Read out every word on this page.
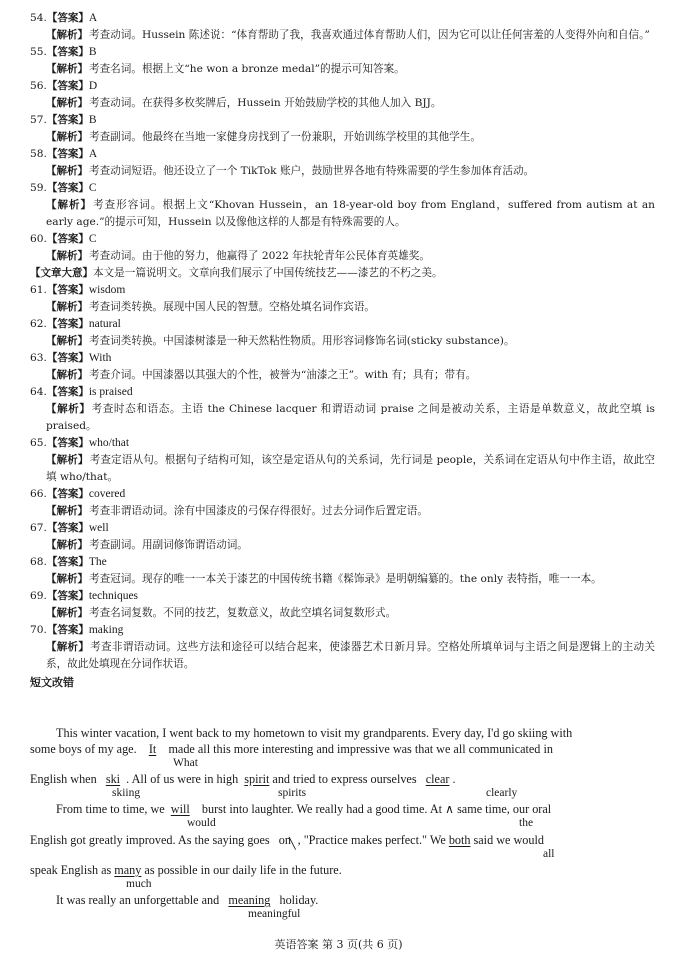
54.【答案】A
【解析】考查动词。Hussein 陈述说：“体育帮助了我，我喜欢通过体育帮助人们，因为它可以让任何害羞的人变得外向和自信。”
55.【答案】B
【解析】考查名词。根据上文“he won a bronze medal”的提示可知答案。
56.【答案】D
【解析】考查动词。在获得多枚奖牌后，Hussein 开始鼓励学校的其他人加入 BJJ。
57.【答案】B
【解析】考查副词。他最终在当地一家健身房找到了一份兼职，开始训练学校里的其他学生。
58.【答案】A
【解析】考查动词短语。他还设立了一个 TikTok 账户，鼓励世界各地有特殊需要的学生参加体育活动。
59.【答案】C
【解析】考查形容词。根据上文“Khovan Hussein，an 18-year-old boy from England，suffered from autism at an early age.”的提示可知，Hussein 以及像他这样的人都是有特殊需要的人。
60.【答案】C
【解析】考查动词。由于他的努力，他赢得了 2022 年扶轮青年公民体育英雄奖。
【文章大意】本文是一篇说明文。文章向我们展示了中国传统技艺——漆艺的不朽之美。
61.【答案】wisdom
【解析】考查词类转换。展现中国人民的智慧。空格处填名词作宾语。
62.【答案】natural
【解析】考查词类转换。中国漆树漆是一种天然粘性物质。用形容词修饰名词(sticky substance)。
63.【答案】With
【解析】考查介词。中国漆器以其强大的个性，被誉为“油漆之王”。with 有；具有；带有。
64.【答案】is praised
【解析】考查时态和语态。主语 the Chinese lacquer 和谓语动词 praise 之间是被动关系，主语是单数意义，故此空填 is praised。
65.【答案】who/that
【解析】考查定语从句。根据句子结构可知，该空是定语从句的关系词，先行词是 people，关系词在定语从句中作主语，故此空填 who/that。
66.【答案】covered
【解析】考查非谓语动词。涂有中国漆皮的弓保存得很好。过去分词作后置定语。
67.【答案】well
【解析】考查副词。用副词修饰谓语动词。
68.【答案】The
【解析】考查冠词。现存的唯一一本关于漆艺的中国传统书籍《髹饰录》是明朝编纂的。the only 表特指，唯一一本。
69.【答案】techniques
【解析】考查名词复数。不同的技艺，复数意义，故此空填名词复数形式。
70.【答案】making
【解析】考查非谓语动词。这些方法和途径可以结合起来，使漆器艺术日新月异。空格处所填单词与主语之间是逻辑上的主动关系，故此处填现在分词作状语。
短文改错
This winter vacation, I went back to my hometown to visit my grandparents. Every day, I'd go skiing with
some boys of my age. It made all this more interesting and impressive was that we all communicated in
What
English when ski . All of us were in high spirit and tried to express ourselves clear .
skiing	spirits	clearly
From time to time, we will burst into laughter. We really had a good time. At ∧ same time, our oral
would	the
English got greatly improved. As the saying goes on╲ , "Practice makes perfect." We both said we would
all
speak English as many as possible in our daily life in the future.
much
It was really an unforgettable and meaning holiday.
meaningful
英语答案 第 3 页(共 6 页)
